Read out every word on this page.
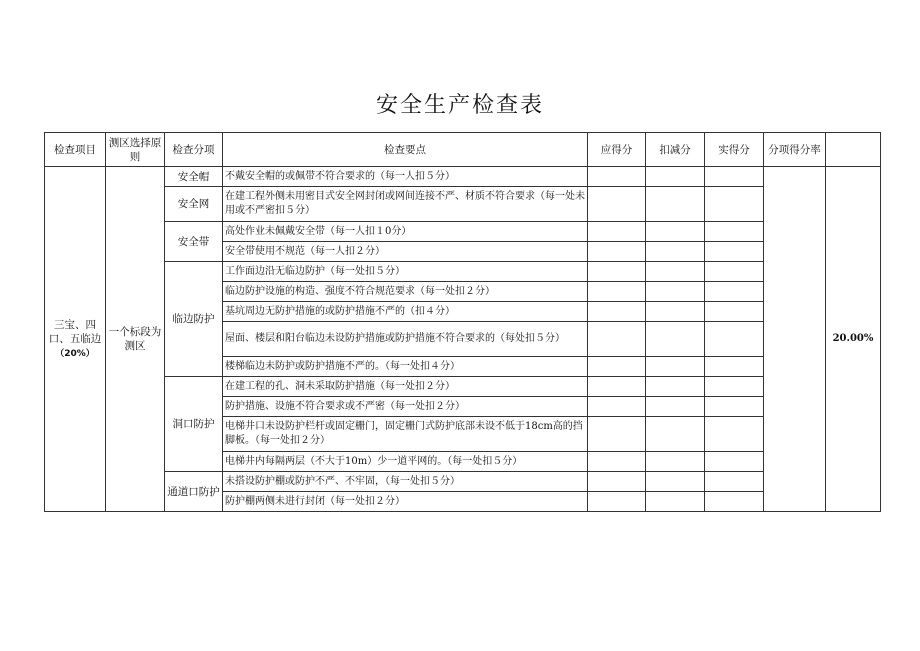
安全生产检查表
检查项目	测区选择原则	检查分项	检查要点	应得分	扣减分	实得分	分项得分率	
三宝、四口、五临边
（20%）	一个标段为测区	安全帽	不戴安全帽的或佩带不符合要求的（每一人扣５分）					20.00%
		安全网	在建工程外侧未用密目式安全网封闭或网间连接不严、材质不符合要求（每一处未用或不严密扣５分）					
		安全带	高处作业未佩戴安全带（每一人扣１0分）					
			安全带使用不规范（每一人扣２分）					
		临边防护	工作面边沿无临边防护（每一处扣５分）					
			临边防护设施的构造、强度不符合规范要求（每一处扣２分）					
			基坑周边无防护措施的或防护措施不严的（扣４分）					
			屋面、楼层和阳台临边未设防护措施或防护措施不符合要求的（每处扣５分）					
			楼梯临边未防护或防护措施不严的。（每一处扣４分）					
		洞口防护	在建工程的孔、洞未采取防护措施（每一处扣２分）					
			防护措施、设施不符合要求或不严密（每一处扣２分）					
			电梯井口未设防护栏杆或固定栅门，固定栅门式防护底部未设不低于18cm高的挡脚板。（每一处扣２分）					
			电梯井内每隔两层（不大于10m）少一道平网的。（每一处扣５分）					
		通道口防护	未搭设防护棚或防护不严、不牢固，（每一处扣５分）					
			防护棚两侧未进行封闭（每一处扣２分）					
